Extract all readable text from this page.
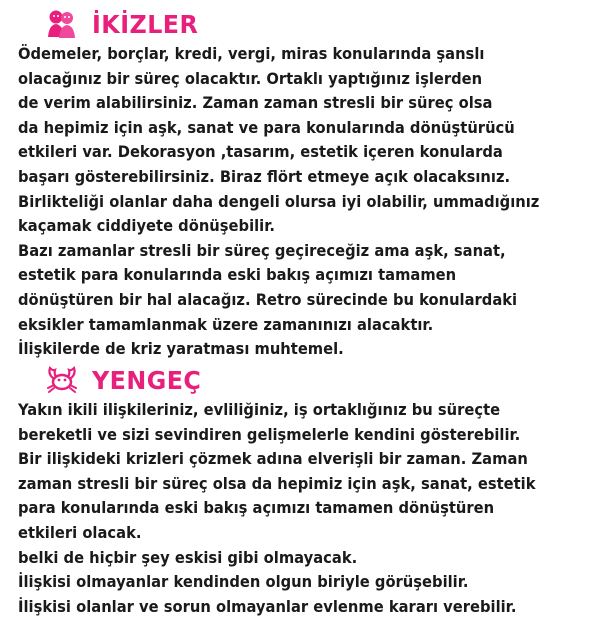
İKİZLER
Ödemeler, borçlar, kredi, vergi, miras konularında şanslı
olacağınız bir süreç olacaktır. Ortaklı yaptığınız işlerden
de verim alabilirsiniz. Zaman zaman stresli bir süreç olsa
da hepimiz için aşk, sanat ve para konularında dönüştürücü
etkileri var. Dekorasyon ,tasarım, estetik içeren konularda
başarı gösterebilirsiniz. Biraz flört etmeye açık olacaksınız.
Birlikteliği olanlar daha dengeli olursa iyi olabilir, ummadığınız
kaçamak ciddiyete dönüşebilir.
Bazı zamanlar stresli bir süreç geçireceğiz ama aşk, sanat,
estetik para konularında eski bakış açımızı tamamen
dönüştüren bir hal alacağız. Retro sürecinde bu konulardaki
eksikler tamamlanmak üzere zamanınızı alacaktır.
İlişkilerde de kriz yaratması muhtemel.
YENGEÇ
Yakın ikili ilişkileriniz, evliliğiniz, iş ortaklığınız bu süreçte
bereketli ve sizi sevindiren gelişmelerle kendini gösterebilir.
Bir ilişkideki krizleri çözmek adına elverişli bir zaman. Zaman
zaman stresli bir süreç olsa da hepimiz için aşk, sanat, estetik
para konularında eski bakış açımızı tamamen dönüştüren
etkileri olacak.
belki de hiçbir şey eskisi gibi olmayacak.
İlişkisi olmayanlar kendinden olgun biriyle görüşebilir.
İlişkisi olanlar ve sorun olmayanlar evlenme kararı verebilir.
